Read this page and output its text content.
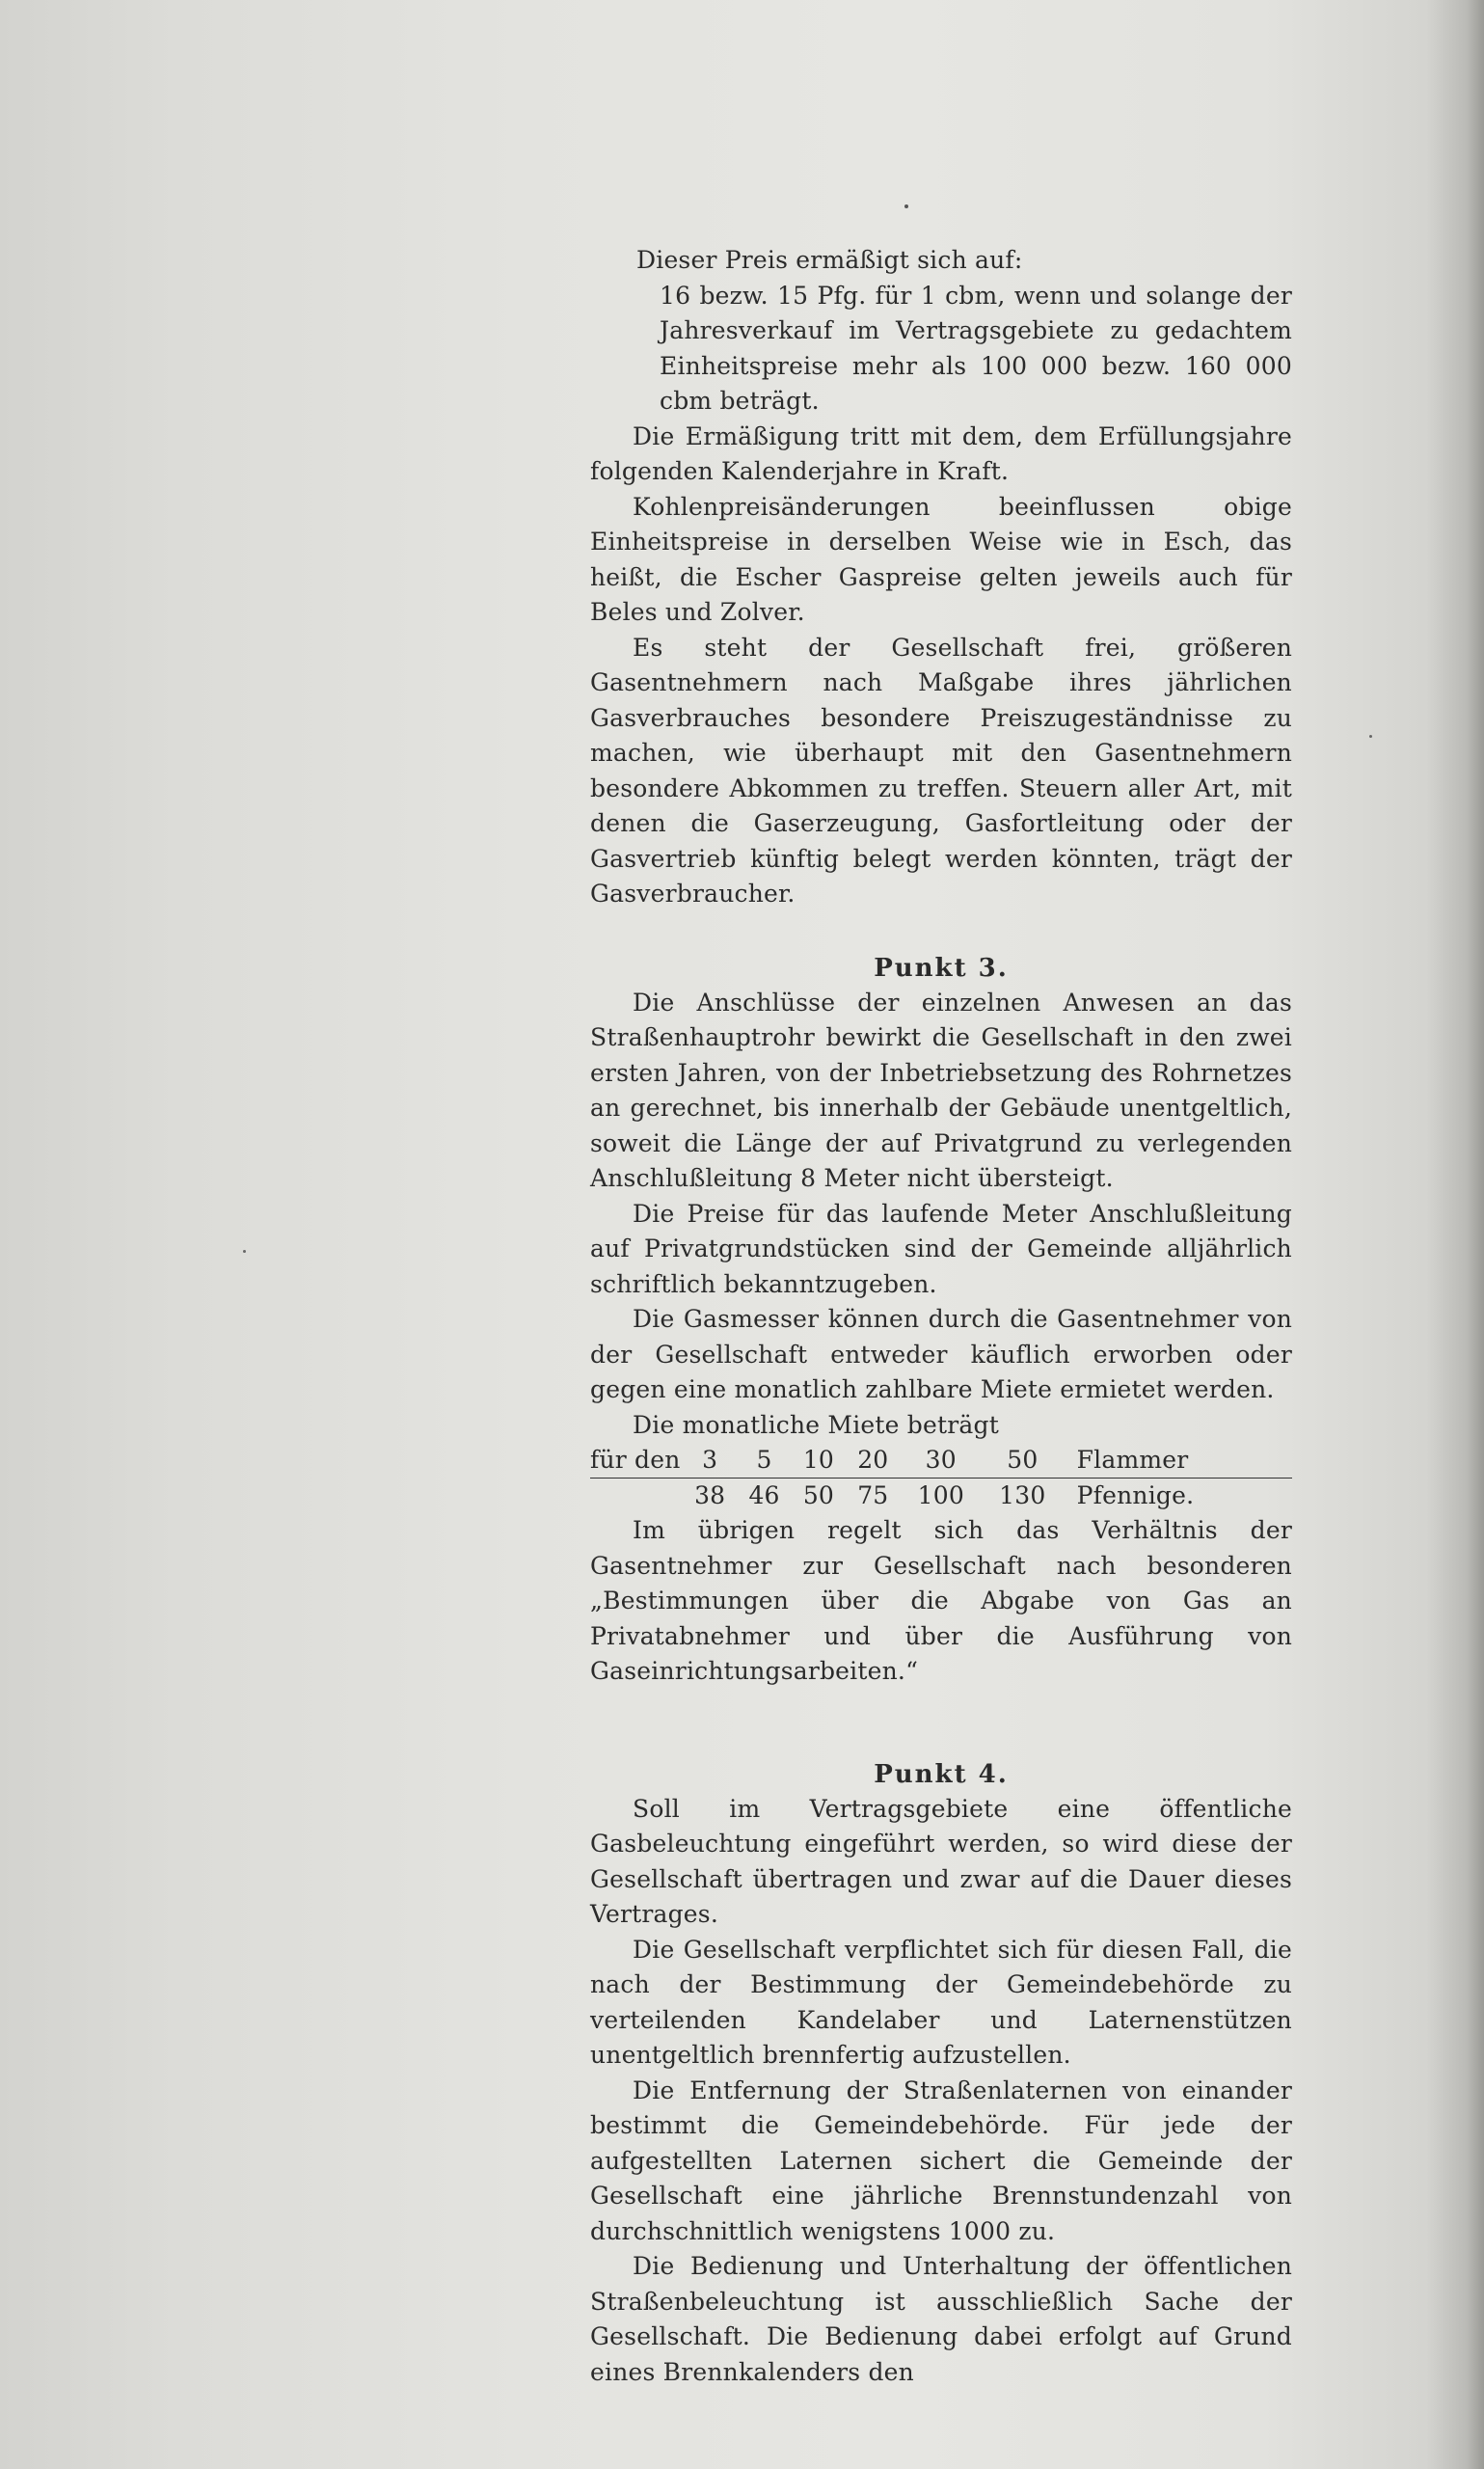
Dieser Preis ermäßigt sich auf:

16 bezw. 15 Pfg. für 1 cbm, wenn und solange der Jahresverkauf im Vertragsgebiete zu gedachtem Einheitspreise mehr als 100 000 bezw. 160 000 cbm beträgt.

Die Ermäßigung tritt mit dem, dem Erfüllungsjahre folgenden Kalenderjahre in Kraft.

Kohlenpreisänderungen beeinflussen obige Einheitspreise in derselben Weise wie in Esch, das heißt, die Escher Gaspreise gelten jeweils auch für Beles und Zolver.

Es steht der Gesellschaft frei, größeren Gasentnehmern nach Maßgabe ihres jährlichen Gasverbrauches besondere Preiszugeständnisse zu machen, wie überhaupt mit den Gasentnehmern besondere Abkommen zu treffen. Steuern aller Art, mit denen die Gaserzeugung, Gasfortleitung oder der Gasvertrieb künftig belegt werden könnten, trägt der Gasverbraucher.

Punkt 3.

Die Anschlüsse der einzelnen Anwesen an das Straßenhauptrohr bewirkt die Gesellschaft in den zwei ersten Jahren, von der Inbetriebsetzung des Rohrnetzes an gerechnet, bis innerhalb der Gebäude unentgeltlich, soweit die Länge der auf Privatgrund zu verlegenden Anschlußleitung 8 Meter nicht übersteigt.

Die Preise für das laufende Meter Anschlußleitung auf Privatgrundstücken sind der Gemeinde alljährlich schriftlich bekanntzugeben.

Die Gasmesser können durch die Gasentnehmer von der Gesellschaft entweder käuflich erworben oder gegen eine monatlich zahlbare Miete ermietet werden.

Die monatliche Miete beträgt

für den	3	5	10	20	30	50	Flammer
	38	46	50	75	100	130	Pfennige.

Im übrigen regelt sich das Verhältnis der Gasentnehmer zur Gesellschaft nach besonderen „Bestimmungen über die Abgabe von Gas an Privatabnehmer und über die Ausführung von Gaseinrichtungsarbeiten.“

Punkt 4.

Soll im Vertragsgebiete eine öffentliche Gasbeleuchtung eingeführt werden, so wird diese der Gesellschaft übertragen und zwar auf die Dauer dieses Vertrages.

Die Gesellschaft verpflichtet sich für diesen Fall, die nach der Bestimmung der Gemeindebehörde zu verteilenden Kandelaber und Laternenstützen unentgeltlich brennfertig aufzustellen.

Die Entfernung der Straßenlaternen von einander bestimmt die Gemeindebehörde. Für jede der aufgestellten Laternen sichert die Gemeinde der Gesellschaft eine jährliche Brennstundenzahl von durchschnittlich wenigstens 1000 zu.

Die Bedienung und Unterhaltung der öffentlichen Straßenbeleuchtung ist ausschließlich Sache der Gesellschaft. Die Bedienung dabei erfolgt auf Grund eines Brennkalenders den
